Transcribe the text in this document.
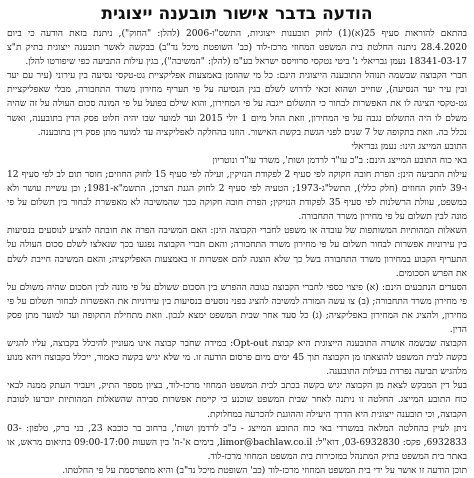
הודעה בדבר אישור תובענה ייצוגית

בהתאם להוראות סעיף 25(א)(1) לחוק תובענות ייצוגיות, התשס"ו-2006 (להלן: "החוק"), ניתנת בזאת הודעה כי ביום 28.4.2020 ניתנה החלטת בית המשפט המחוזי מרכז-לוד (כב' השופטת מיכל נד"ב) בבקשה לאשר תובענה ייצוגית בתיק ת"צ 18341-03-17 נעמן גבריאלי נ' ביטי נטקסי סרוויסס ישראל בע"מ (להלן: "המשיבה"), בגין עילות התביעה כפי שיפורטו להלן.

חברי הקבוצה שבשמה תנוהל התובענה הייצוגית הינם: כל מי שהוזמן באמצעות אפליקציית גט-טקסי נסיעה בין עירוני (עיר עם יעד ובין עיר יעד הנסיעה), שחייב ושהוא זכאי לדרוש לשלם בגין הנסיעה על פי תעריף מחירון משרד התחבורה, מבלי שאפליקציית גט-טקסי הציגה לו את האפשרות לבחור כי התשלום ייגבה על פי המחירון, והוא שילם בפועל על פי המונה סכום העולה על זה שהיה משלם לו היה התשלום נגבה על פי המחירון, וזאת החל מיום 1 יולי 2015 ועד למועד שבו יהיה חלוט פסק הדין בתובענה, ואשר נכלל בה. וזאת בתקופה של 7 שנים לפני הגשת בקשת האישור. הוזנו בהחלקה לאפליקציה עד למועד מתן פסק דין בתובענה.

התובע המייצג הינו: נעמן גבריאלי

באי כוח התובע המייצג הינם: ב"כ עו"ד לרדמן ושות', משרד עו"ד ונוטריון

עילות התביעה הינן: הפרת חובה חקוקה לפי סעיף 2 לפקודת הנזיקין, ועילה לפי סעיף 15 לחוק החוזים; חוסר תום לב לפי סעיף 12 ו-39 לחוק החוזים (חלק כללי), התשל"ג-1973; הטעיה לפי סעיף 2 לחוק הגנת הצרכן, התשמ"א-1981; וכן עשיית עושר ולא במשפט, עוולת הרשלנות לפי סעיף 35 לפקודת הנזיקין; הפרת חובה חקוקה בכך שהמשיבה לא מאפשרת לבחור בין תשלום על פי מונה לבין תשלום על פי מחירון משרד התחבורה.

השאלות המהותיות המשותפות של עובדה או משפט לחברי הקבוצה הינן: האם המשיבה הפרה את חובתה להציע לנוסעים בנסיעות בין עירוניות אפשרות לבחור תשלום על פי מחירון משרד התחבורה; והאם חברי הקבוצה נפגעו בכך שנאלצו לשלם סכום העולה על התעריף הקבוע במחירון משרד התחבורה בשל כך שלא הוצגה להם אפשרות זו באמצעות האפליקציה; והאם המשיבה חייבת לשלם את הפרש הסכומים.

הסעדים הנתבעים הינם: (א) פיצוי כספי לחברי הקבוצה בגובה ההפרש בין הסכום ששולם על פי מונה לבין הסכום שהיה משולם על פי מחירון משרד התחבורה; (ב) צו עשה המורה למשיבה להציג בפני נוסעים בנסיעות בין עירוניות את האפשרות לבחור תשלום על פי מחירון, ולהציג את המחירון באפליקציה; (ג) כל סעד אחר שבית המשפט ימצא לנכון. וזאת מתחילת התקופה ועד למועד מתן פסק הדין.

הקבוצה שבשמה אושרה התובענה הייצוגית היא קבוצת Opt-out: במידה שחבר קבוצה אינו מעוניין להיכלל בקבוצה, עליו להגיש בקשה לבית המשפט להוצאתו מן הקבוצה תוך 45 ימים מיום פרסום הודעה זו. מי שלא יגיש בקשה כאמור, ייכלל בקבוצה ויהא מנוע מלהגיש תביעה נפרדת בעילות התובענה.

בעל דין המבקש לצאת מן הקבוצה יגיש בקשה בכתב לבית המשפט המחוזי מרכז-לוד, בציון מספר התיק, ויעביר העתק ממנה לבאי כוח התובע המייצג. החלטה זו ניתנה לאחר שבית המשפט שוכנע כי קיימת אפשרות סבירה שהשאלות המהותיות יוכרעו לטובת הקבוצה, וכי תובענה ייצוגית היא הדרך היעילה וההוגנת להכרעה במחלוקת.

ניתן לעיין בהחלטה המלאה במשרדי באי כוח התובע המייצג - ב"כ לרדמן ושות', ברחוב בר כוכבא 23, בני ברק, טלפון: 03-6932833, פקס: 03-6932830, דוא"ל: limor@bachlaw.co.il, בימים א'-ה' בין השעות 09:00-17:00 בתיאום מראש, או באתר בית המשפט בתיק המתנהל במזכירות בית המשפט המחוזי מרכז-לוד.

תוכן הודעה זו אושר על ידי בית המשפט המחוזי מרכז-לוד (כב' השופטת מיכל נד"ב) והיא מתפרסמת על פי החלטתו.
